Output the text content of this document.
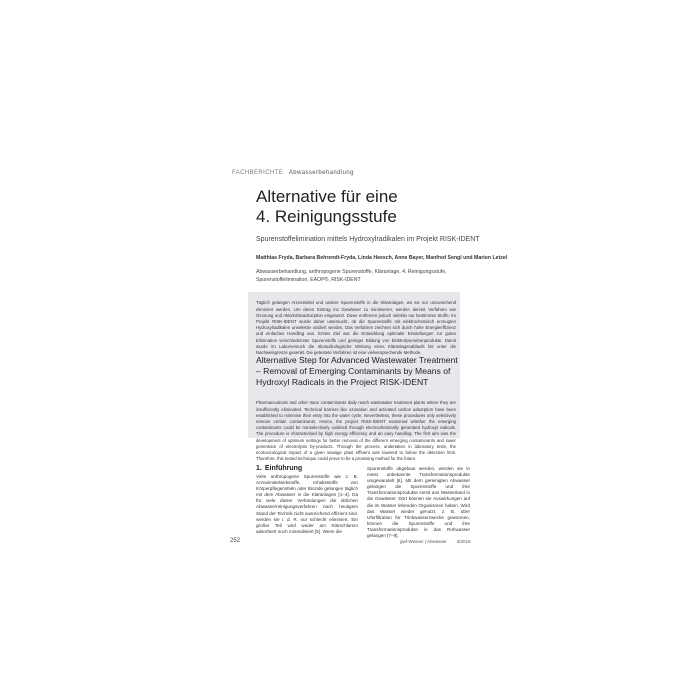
FACHBERICHTE Abwasserbehandlung
Alternative für eine
4. Reinigungsstufe
Spurenstoffelimination mittels Hydroxylradikalen im Projekt RISK-IDENT
Matthias Fryda, Barbara Behrendt-Fryda, Linda Heesch, Anne Bayer, Manfred Sengl und Marion Letzel
Abwasserbehandlung, anthropogene Spurenstoffe, Kläranlage, 4. Reinigungsstufe, Spurenstoffelimination, EAOP®, RISK-IDENT

Täglich gelangen Arzneimittel und andere Spurenstoffe in die Kläranlagen, wo sie nur unzureichend eliminiert werden. Um deren Eintrag ins Gewässer zu minimieren, werden derzeit Verfahren wie Ozonung und Aktivkohleadsorption eingesetzt. Diese entfernen jedoch selektiv nur bestimmte Stoffe. Im Projekt RISK-IDENT wurde daher untersucht, ob die Spurenstoffe mit elektrochemisch erzeugten Hydroxylradikalen unselektiv oxidiert werden. Das Verfahren zeichnet sich durch hohe Energieeffizienz und einfaches Handling aus. Erstes Ziel war die Entwicklung optimaler Einstellungen zur guten Elimination verschiedenster Spurenstoffe und geringer Bildung von Elektrolysenebenprodukte. Damit wurde im Laborversuch die ökotoxikologische Wirkung eines Kläranlagenablaufs bis unter die Nachweisgrenze gesenkt. Die getestete Verfahren ist eine vielversprechende Methode.

Alternative Step for Advanced Wastewater Treatment – Removal of Emerging Contaminants by Means of Hydroxyl Radicals in the Project RISK-IDENT

Pharmaceuticals and other trace contaminants daily reach wastewater treatment plants where they are insufficiently eliminated. Technical barriers like ozonation and activated carbon adsorption have been established to minimise their entry into the water cycle. Nevertheless, these procedures only selectively remove certain contaminants. Hence, the project RISK-IDENT examined whether the emerging contaminants could be nonselectively oxidised through electrochemically generated hydroxyl radicals. The procedure is characterised by high energy efficiency and an easy handling. The first aim was the development of optimum settings for better removal of the different emerging contaminants and lower generation of electrolysis by-products. Through the process, undertaken in laboratory tests, the ecotoxicological impact of a given sewage plant effluent was lowered to below the detection limit. Therefore, this tested technique could prove to be a promising method for the future.

1. Einführung
Viele anthropogene Spurenstoffe wie z. B. Arzneimittelwirkstoffe, Inhaltsstoffe von Körperpflegemitteln oder Biozide gelangen täglich mit dem Abwasser in die Kläranlagen [1–4]. Da für viele dieser Verbindungen die üblichen Abwasserreinigungsverfahren nach heutigem Stand der Technik nicht ausreichend effizient sind, werden sie i. d. R. nur schlecht eliminiert. Ein großer Teil wird weder am Klärschlamm adsorbiert noch mineralisiert [5]. Wenn die
Spurenstoffe abgebaut werden, werden sie in meist unbekannte Transformationsprodukte umgewandelt [6]. Mit dem gereinigten Abwasser gelangen die Spurenstoffe und ihre Transformationsprodukte somit ans Wasserland in die Gewässer. Dort können sie Auswirkungen auf die im Wasser lebenden Organismen haben. Wird das Wasser wieder genutzt, z. B. über Uferfiltration für Trinkwasserzwecke gewonnen, können die Spurenstoffe und ihre Transformationsprodukte in das Rohwasser gelangen [7–9].
252	gwf-Wasser | Abwasser 3/2016
